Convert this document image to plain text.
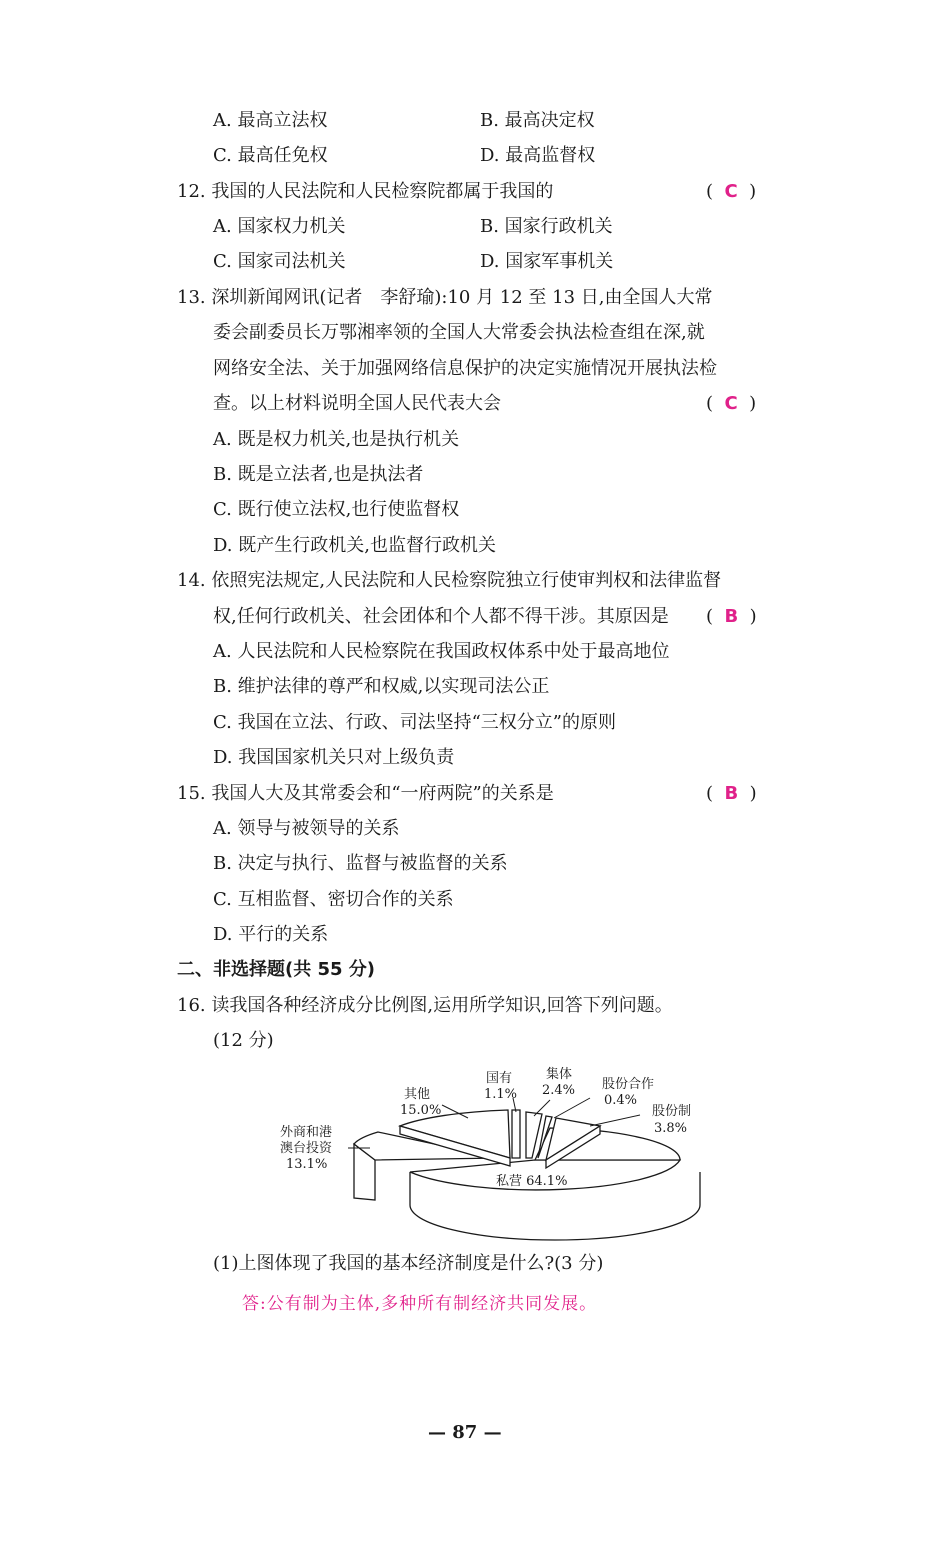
A. 最高立法权	B. 最高决定权
C. 最高任免权	D. 最高监督权
12. 我国的人民法院和人民检察院都属于我国的	(  C  )
A. 国家权力机关	B. 国家行政机关
C. 国家司法机关	D. 国家军事机关
13. 深圳新闻网讯(记者　李舒瑜):10 月 12 至 13 日,由全国人大常
委会副委员长万鄂湘率领的全国人大常委会执法检查组在深,就
网络安全法、关于加强网络信息保护的决定实施情况开展执法检
查。以上材料说明全国人民代表大会	(  C  )
A. 既是权力机关,也是执行机关
B. 既是立法者,也是执法者
C. 既行使立法权,也行使监督权
D. 既产生行政机关,也监督行政机关
14. 依照宪法规定,人民法院和人民检察院独立行使审判权和法律监督
权,任何行政机关、社会团体和个人都不得干涉。其原因是 (  B  )
A. 人民法院和人民检察院在我国政权体系中处于最高地位
B. 维护法律的尊严和权威,以实现司法公正
C. 我国在立法、行政、司法坚持“三权分立”的原则
D. 我国国家机关只对上级负责
15. 我国人大及其常委会和“一府两院”的关系是	(  B  )
A. 领导与被领导的关系
B. 决定与执行、监督与被监督的关系
C. 互相监督、密切合作的关系
D. 平行的关系
二、非选择题(共 55 分)
16. 读我国各种经济成分比例图,运用所学知识,回答下列问题。
(12 分)
其他
15.0%
国有
1.1%
集体
2.4% 股份合作
0.4%
股份制
3.8%
外商和港
澳台投资
13.1%
私营 64.1%
(1)上图体现了我国的基本经济制度是什么?(3 分)
答:公有制为主体,多种所有制经济共同发展。
— 87 —
